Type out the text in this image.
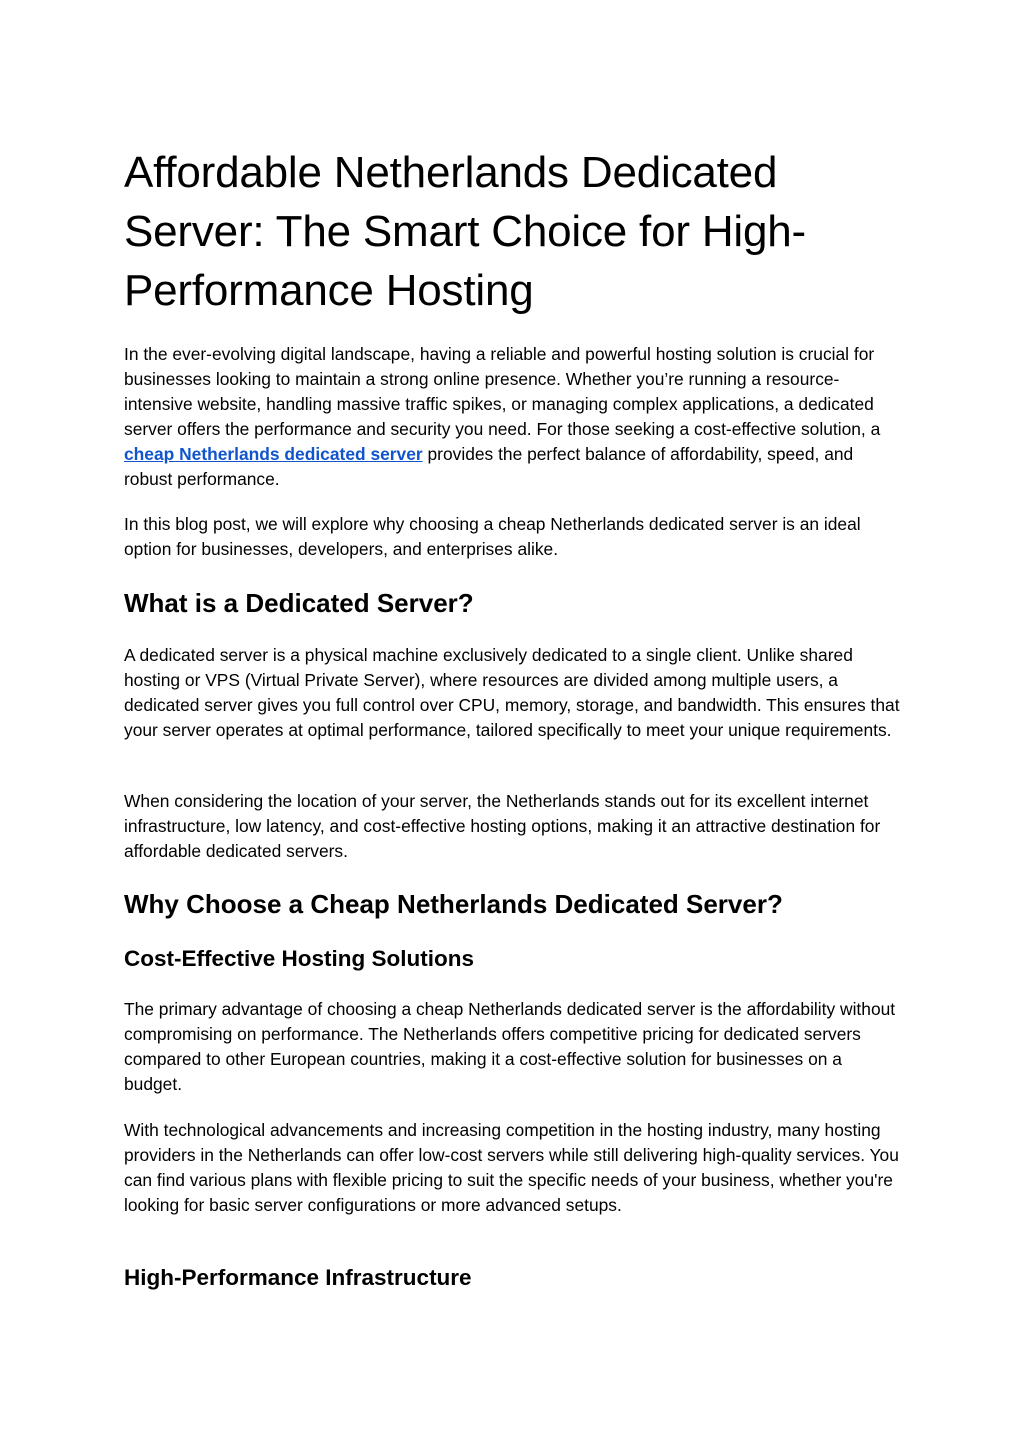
Affordable Netherlands Dedicated Server: The Smart Choice for High-Performance Hosting

In the ever-evolving digital landscape, having a reliable and powerful hosting solution is crucial for businesses looking to maintain a strong online presence. Whether you’re running a resource-intensive website, handling massive traffic spikes, or managing complex applications, a dedicated server offers the performance and security you need. For those seeking a cost-effective solution, a cheap Netherlands dedicated server provides the perfect balance of affordability, speed, and robust performance.

In this blog post, we will explore why choosing a cheap Netherlands dedicated server is an ideal option for businesses, developers, and enterprises alike.

What is a Dedicated Server?

A dedicated server is a physical machine exclusively dedicated to a single client. Unlike shared hosting or VPS (Virtual Private Server), where resources are divided among multiple users, a dedicated server gives you full control over CPU, memory, storage, and bandwidth. This ensures that your server operates at optimal performance, tailored specifically to meet your unique requirements.

When considering the location of your server, the Netherlands stands out for its excellent internet infrastructure, low latency, and cost-effective hosting options, making it an attractive destination for affordable dedicated servers.

Why Choose a Cheap Netherlands Dedicated Server?
Cost-Effective Hosting Solutions

The primary advantage of choosing a cheap Netherlands dedicated server is the affordability without compromising on performance. The Netherlands offers competitive pricing for dedicated servers compared to other European countries, making it a cost-effective solution for businesses on a budget.

With technological advancements and increasing competition in the hosting industry, many hosting providers in the Netherlands can offer low-cost servers while still delivering high-quality services. You can find various plans with flexible pricing to suit the specific needs of your business, whether you're looking for basic server configurations or more advanced setups.

High-Performance Infrastructure
